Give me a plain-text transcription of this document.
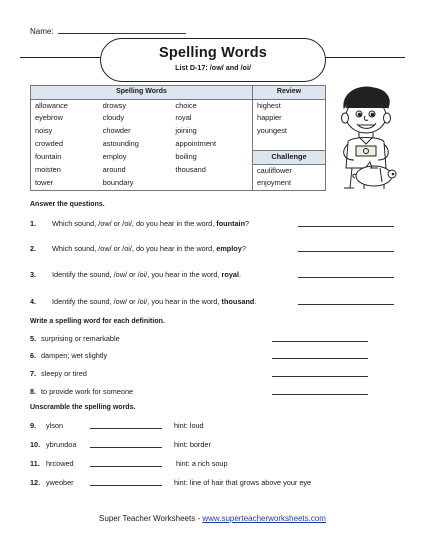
Name:
Spelling Words
List D-17: /ow/ and /oi/
Spelling Words			Review
allowance	drowsy	choice	highest
eyebrow	cloudy	royal	happier
noisy	chowder	joining	youngest
crowded	astounding	appointment	
fountain	employ	boiling	Challenge
moisten	around	thousand	cauliflower
tower	boundary		enjoyment
Answer the questions.
1. Which sound, /ow/ or /oi/, do you hear in the word, fountain?
2. Which sound, /ow/ or /oi/, do you hear in the word, employ?
3. Identify the sound, /ow/ or /oi/, you hear in the word, royal.
4. Identify the sound, /ow/ or /oi/, you hear in the word, thousand.
Write a spelling word for each definition.
5. surprising or remarkable
6. dampen; wet slightly
7. sleepy or tired
8. to provide work for someone
Unscramble the spelling words.
9. ylson	hint: loud
10. ybrundoa	hint: border
11. hrcowed	hint: a rich soup
12. yweober	hint: line of hair that grows above your eye
Super Teacher Worksheets - www.superteacherworksheets.com
